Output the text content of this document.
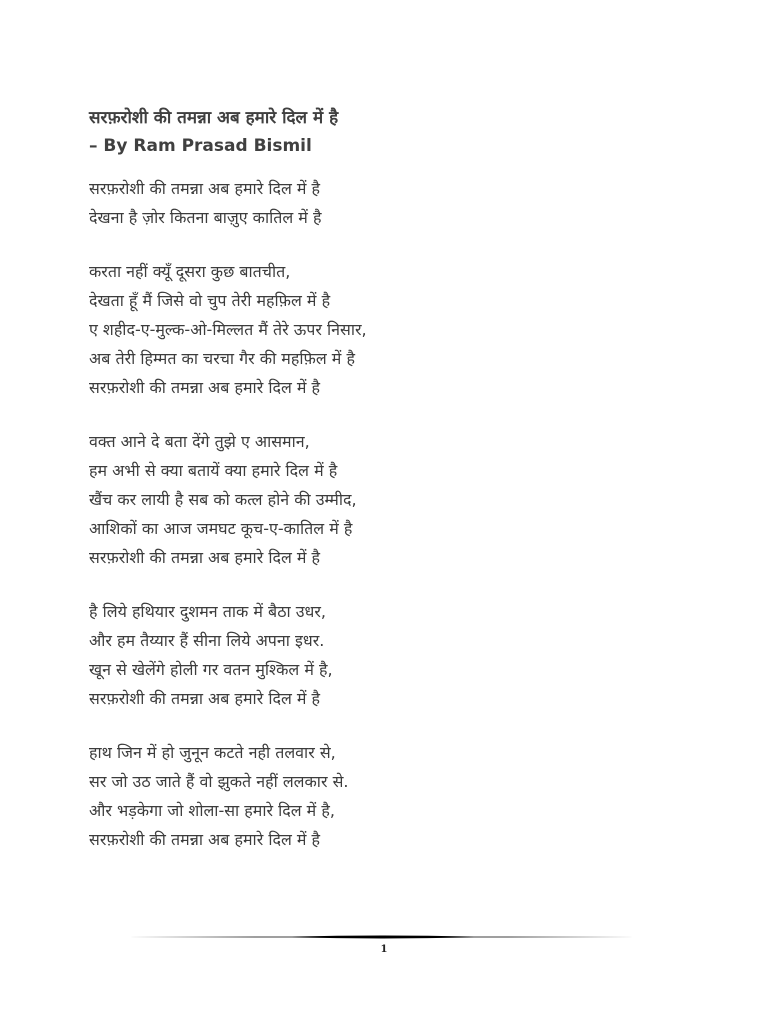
सरफ़रोशी की तमन्ना अब हमारे दिल में है
– By Ram Prasad Bismil
सरफ़रोशी की तमन्ना अब हमारे दिल में है
देखना है ज़ोर कितना बाज़ुए कातिल में है
करता नहीं क्यूँ दूसरा कुछ बातचीत,
देखता हूँ मैं जिसे वो चुप तेरी महफ़िल में है
ए शहीद-ए-मुल्क-ओ-मिल्लत मैं तेरे ऊपर निसार,
अब तेरी हिम्मत का चरचा गैर की महफ़िल में है
सरफ़रोशी की तमन्ना अब हमारे दिल में है
वक्त आने दे बता देंगे तुझे ए आसमान,
हम अभी से क्या बतायें क्या हमारे दिल में है
खैंच कर लायी है सब को कत्ल होने की उम्मीद,
आशिकों का आज जमघट कूच-ए-कातिल में है
सरफ़रोशी की तमन्ना अब हमारे दिल में है
है लिये हथियार दुशमन ताक में बैठा उधर,
और हम तैय्यार हैं सीना लिये अपना इधर.
खून से खेलेंगे होली गर वतन मुश्किल में है,
सरफ़रोशी की तमन्ना अब हमारे दिल में है
हाथ जिन में हो जुनून कटते नही तलवार से,
सर जो उठ जाते हैं वो झुकते नहीं ललकार से.
और भड़केगा जो शोला-सा हमारे दिल में है,
सरफ़रोशी की तमन्ना अब हमारे दिल में है
1
